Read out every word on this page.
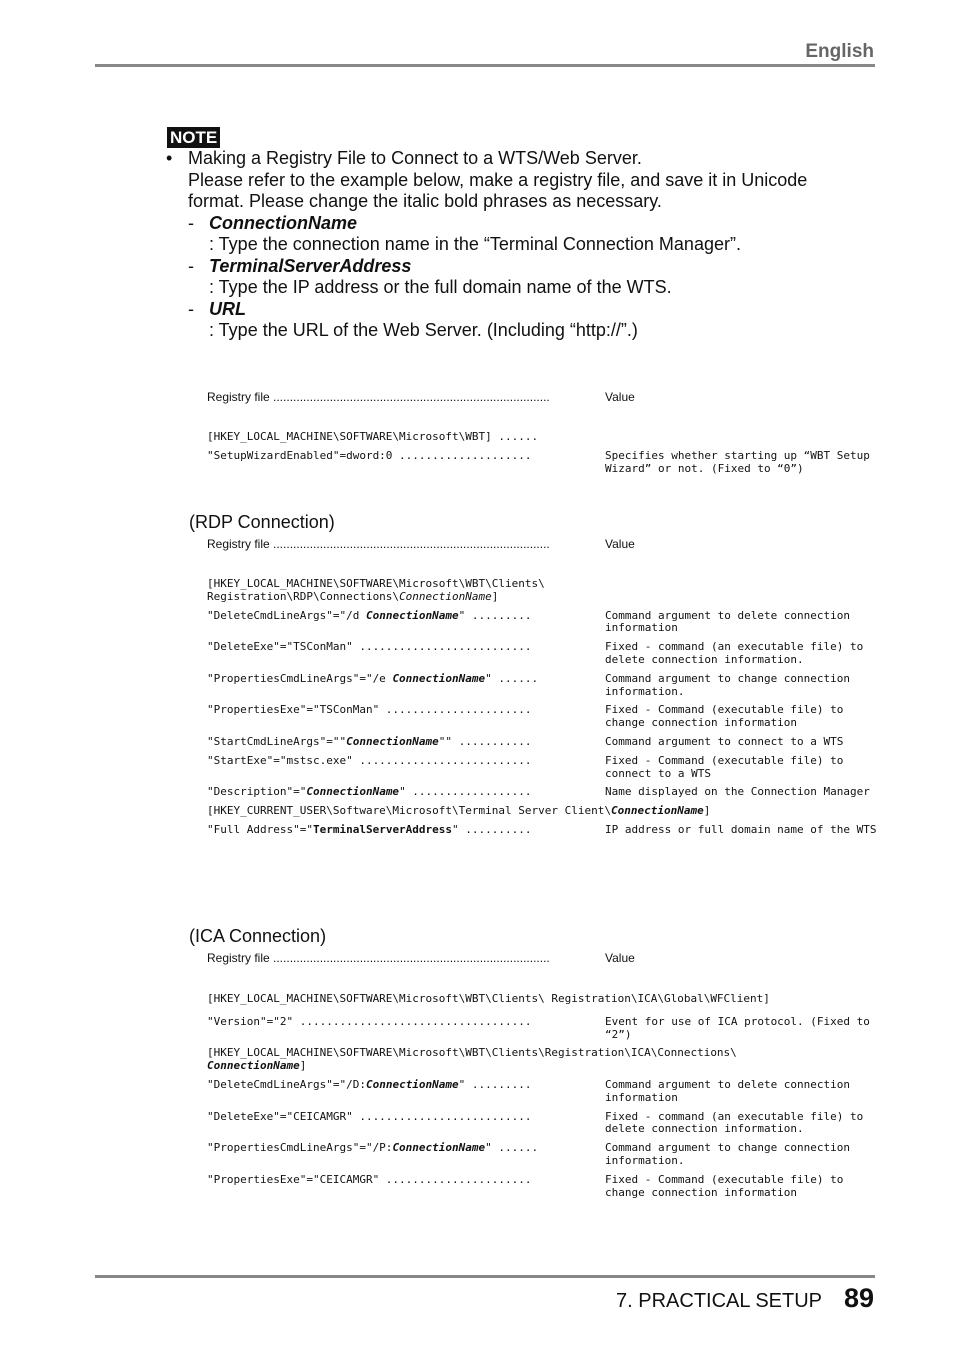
English
NOTE
• Making a Registry File to Connect to a WTS/Web Server.
Please refer to the example below, make a registry file, and save it in Unicode
format. Please change the italic bold phrases as necessary.
- ConnectionName
: Type the connection name in the “Terminal Connection Manager”.
- TerminalServerAddress
: Type the IP address or the full domain name of the WTS.
- URL
: Type the URL of the Web Server. (Including “http://”.)
Registry file ...................................................................................	Value
[HKEY_LOCAL_MACHINE\SOFTWARE\Microsoft\WBT] ......
"SetupWizardEnabled"=dword:0 ....................	Specifies whether starting up “WBT Setup Wizard” or not. (Fixed to “0”)
(RDP Connection)
Registry file ...................................................................................	Value
[HKEY_LOCAL_MACHINE\SOFTWARE\Microsoft\WBT\Clients\
Registration\RDP\Connections\ConnectionName]
"DeleteCmdLineArgs"="/d ConnectionName" .........	Command argument to delete connection information
"DeleteExe"="TSConMan" ..........................	Fixed - command (an executable file) to delete connection information.
"PropertiesCmdLineArgs"="/e ConnectionName" ......	Command argument to change connection information.
"PropertiesExe"="TSConMan" ......................	Fixed - Command (executable file) to change connection information
"StartCmdLineArgs"=""ConnectionName"" ...........	Command argument to connect to a WTS
"StartExe"="mstsc.exe" ..........................	Fixed - Command (executable file) to connect to a WTS
"Description"="ConnectionName" ..................	Name displayed on the Connection Manager
[HKEY_CURRENT_USER\Software\Microsoft\Terminal Server Client\ConnectionName]
"Full Address"="TerminalServerAddress" ..........	IP address or full domain name of the WTS
(ICA Connection)
Registry file ...................................................................................	Value
[HKEY_LOCAL_MACHINE\SOFTWARE\Microsoft\WBT\Clients\ Registration\ICA\Global\WFClient]
"Version"="2" ...................................	Event for use of ICA protocol. (Fixed to “2”)
[HKEY_LOCAL_MACHINE\SOFTWARE\Microsoft\WBT\Clients\Registration\ICA\Connections\
ConnectionName]
"DeleteCmdLineArgs"="/D:ConnectionName" .........	Command argument to delete connection information
"DeleteExe"="CEICAMGR" ..........................	Fixed - command (an executable file) to delete connection information.
"PropertiesCmdLineArgs"="/P:ConnectionName" ......	Command argument to change connection information.
"PropertiesExe"="CEICAMGR" ......................	Fixed - Command (executable file) to change connection information
7. PRACTICAL SETUP 89
